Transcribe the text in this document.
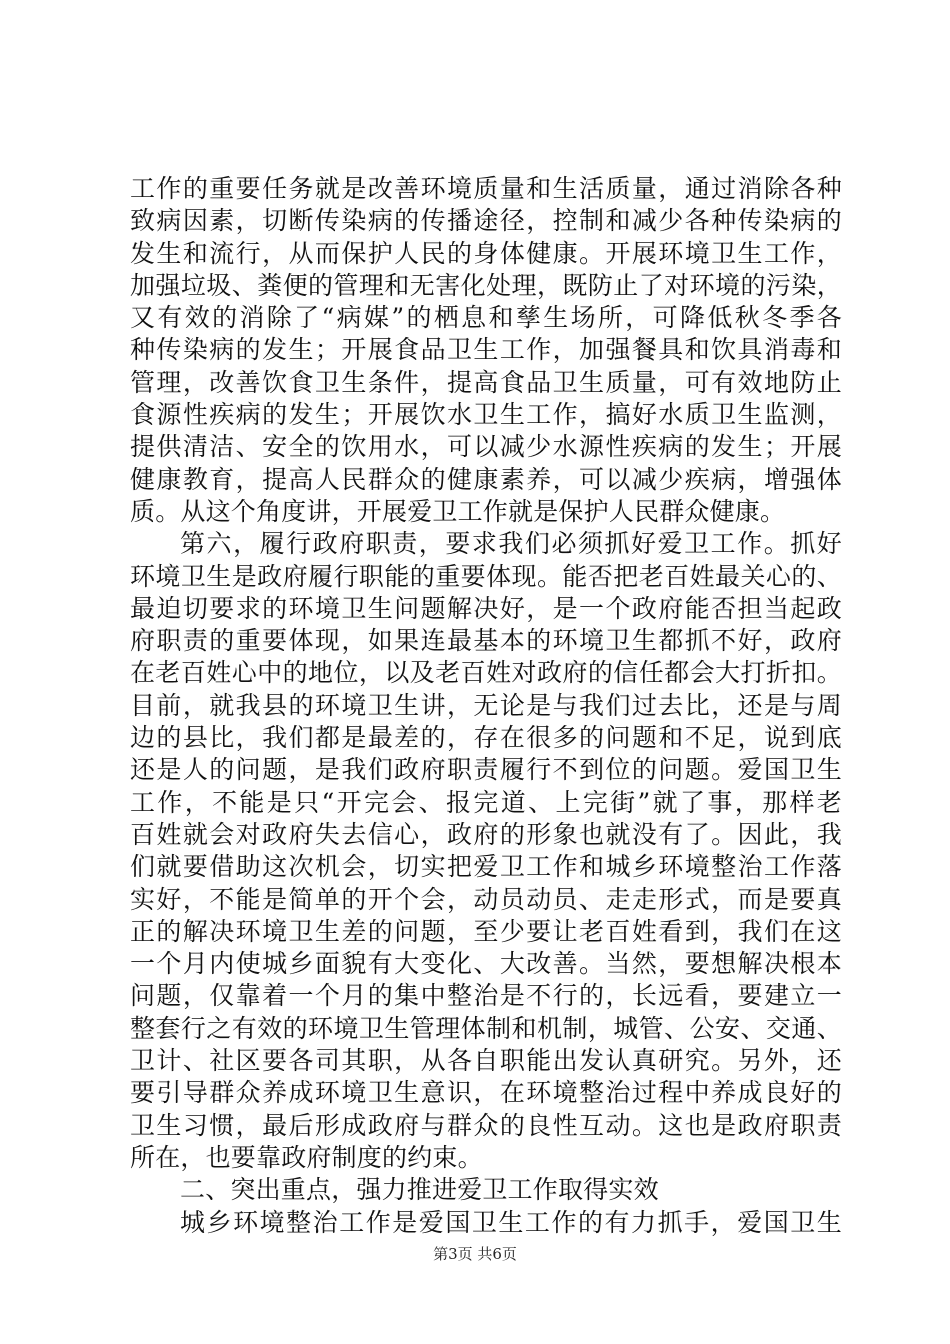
工作的重要任务就是改善环境质量和生活质量，通过消除各种
致病因素，切断传染病的传播途径，控制和减少各种传染病的
发生和流行，从而保护人民的身体健康。开展环境卫生工作，
加强垃圾、粪便的管理和无害化处理，既防止了对环境的污染，
又有效的消除了“病媒”的栖息和孳生场所，可降低秋冬季各
种传染病的发生；开展食品卫生工作，加强餐具和饮具消毒和
管理，改善饮食卫生条件，提高食品卫生质量，可有效地防止
食源性疾病的发生；开展饮水卫生工作，搞好水质卫生监测，
提供清洁、安全的饮用水，可以减少水源性疾病的发生；开展
健康教育，提高人民群众的健康素养，可以减少疾病，增强体
质。从这个角度讲，开展爱卫工作就是保护人民群众健康。
第六，履行政府职责，要求我们必须抓好爱卫工作。抓好
环境卫生是政府履行职能的重要体现。能否把老百姓最关心的、
最迫切要求的环境卫生问题解决好，是一个政府能否担当起政
府职责的重要体现，如果连最基本的环境卫生都抓不好，政府
在老百姓心中的地位，以及老百姓对政府的信任都会大打折扣。
目前，就我县的环境卫生讲，无论是与我们过去比，还是与周
边的县比，我们都是最差的，存在很多的问题和不足，说到底
还是人的问题，是我们政府职责履行不到位的问题。爱国卫生
工作，不能是只“开完会、报完道、上完街”就了事，那样老
百姓就会对政府失去信心，政府的形象也就没有了。因此，我
们就要借助这次机会，切实把爱卫工作和城乡环境整治工作落
实好，不能是简单的开个会，动员动员、走走形式，而是要真
正的解决环境卫生差的问题，至少要让老百姓看到，我们在这
一个月内使城乡面貌有大变化、大改善。当然，要想解决根本
问题，仅靠着一个月的集中整治是不行的，长远看，要建立一
整套行之有效的环境卫生管理体制和机制，城管、公安、交通、
卫计、社区要各司其职，从各自职能出发认真研究。另外，还
要引导群众养成环境卫生意识，在环境整治过程中养成良好的
卫生习惯，最后形成政府与群众的良性互动。这也是政府职责
所在，也要靠政府制度的约束。
二、突出重点，强力推进爱卫工作取得实效
城乡环境整治工作是爱国卫生工作的有力抓手，爱国卫生
第3页 共6页
